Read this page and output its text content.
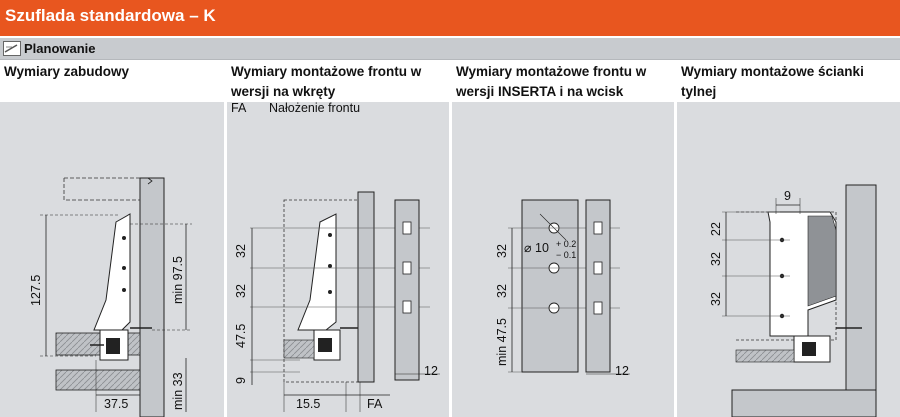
Szuflada standardowa – K
Planowanie
Wymiary zabudowy	Wymiary montażowe frontu w
wersji na wkręty
FA Nałożenie frontu
Wymiary montażowe frontu w
wersji INSERTA i na wcisk
Wymiary montażowe ścianki
tylnej
127.5	min 97.5
min 33
37.5
32
32
47.5
9
12
15.5	FA
⌀ 10 + 0.2
− 0.1
32
32
min 47.5
12
22
32
32
9
